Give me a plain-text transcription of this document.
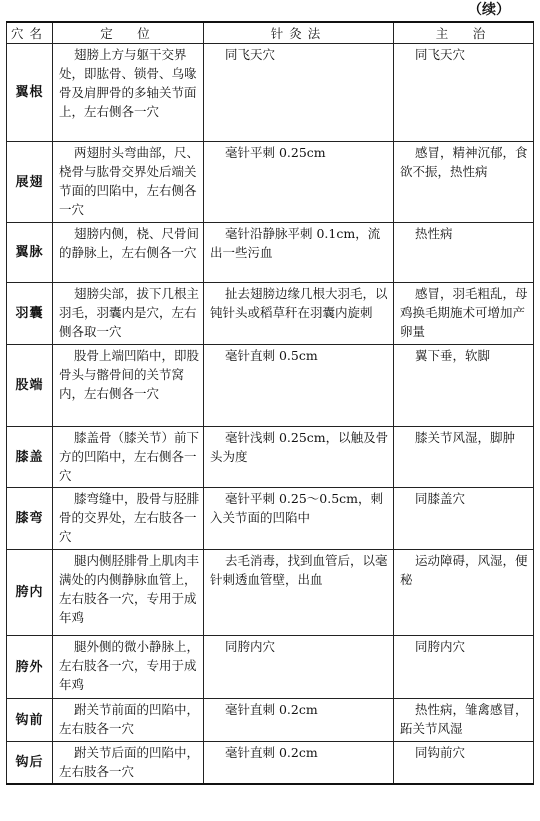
（续）
穴名	定　位	针灸法	主　治
翼根	翅膀上方与躯干交界处，即肱骨、锁骨、乌喙骨及肩胛骨的多轴关节面上，左右侧各一穴	同飞天穴	同飞天穴

展翅	两翅肘头弯曲部，尺、桡骨与肱骨交界处后端关节面的凹陷中，左右侧各一穴	毫针平刺 0.25cm	感冒，精神沉郁，食欲不振，热性病

翼脉	翅膀内侧，桡、尺骨间的静脉上，左右侧各一穴	毫针沿静脉平刺 0.1cm，流出一些污血	热性病

羽囊	翅膀尖部，拔下几根主羽毛，羽囊内是穴，左右侧各取一穴	扯去翅膀边缘几根大羽毛，以钝针头或稻草秆在羽囊内旋刺	感冒，羽毛粗乱，母鸡换毛期施术可增加产卵量

股端	股骨上端凹陷中，即股骨头与髂骨间的关节窝内，左右侧各一穴	毫针直刺 0.5cm	翼下垂，软脚

膝盖	膝盖骨（膝关节）前下方的凹陷中，左右侧各一穴	毫针浅刺 0.25cm，以触及骨头为度	膝关节风湿，脚肿

膝弯	膝弯缝中，股骨与胫腓骨的交界处，左右肢各一穴	毫针平刺 0.25～0.5cm，刺入关节面的凹陷中	同膝盖穴

胯内	腿内侧胫腓骨上肌肉丰满处的内侧静脉血管上，左右肢各一穴，专用于成年鸡	去毛消毒，找到血管后，以毫针刺透血管壁，出血	运动障碍，风湿，便秘

胯外	腿外侧的微小静脉上，左右肢各一穴，专用于成年鸡	同胯内穴	同胯内穴

钩前	跗关节前面的凹陷中，左右肢各一穴	毫针直刺 0.2cm	热性病，雏禽感冒，跖关节风湿

钩后	跗关节后面的凹陷中，左右肢各一穴	毫针直刺 0.2cm	同钩前穴
